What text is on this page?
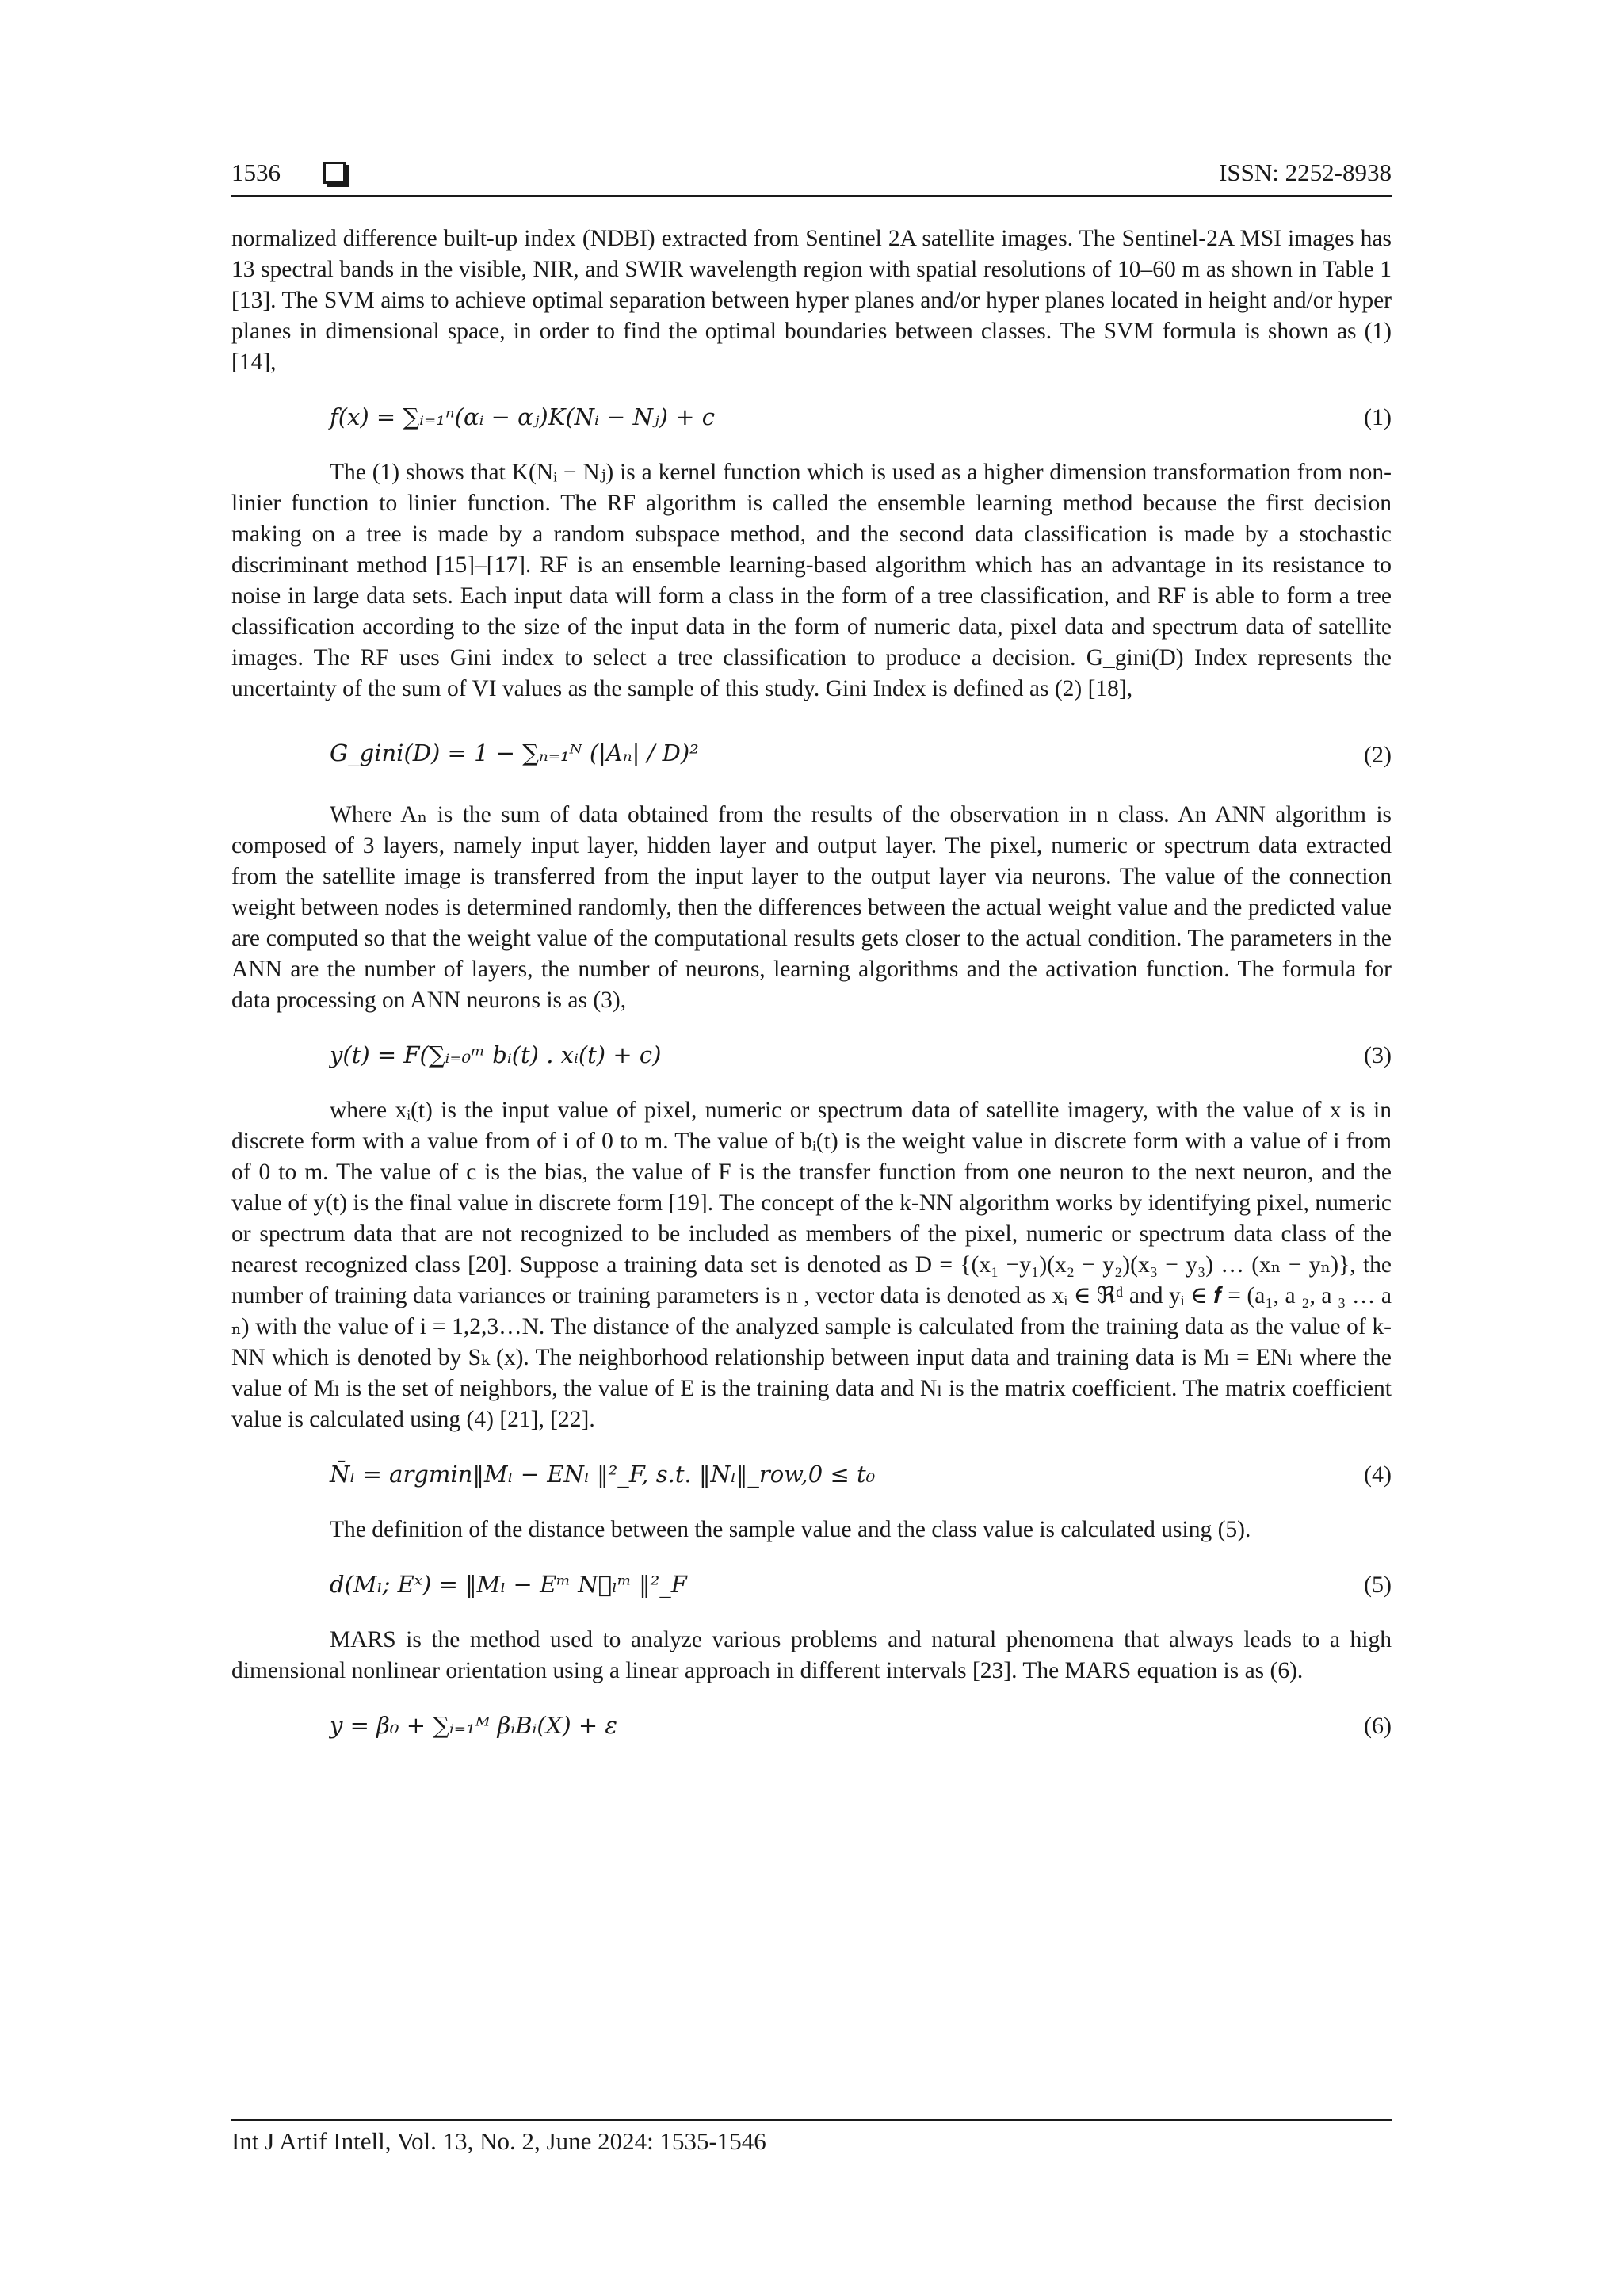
1536	ISSN: 2252-8938

normalized difference built-up index (NDBI) extracted from Sentinel 2A satellite images. The Sentinel-2A MSI images has 13 spectral bands in the visible, NIR, and SWIR wavelength region with spatial resolutions of 10–60 m as shown in Table 1 [13]. The SVM aims to achieve optimal separation between hyper planes and/or hyper planes located in height and/or hyper planes in dimensional space, in order to find the optimal boundaries between classes. The SVM formula is shown as (1) [14],

f(x) = ∑ᵢ₌₁ⁿ(αᵢ − αⱼ)K(Nᵢ − Nⱼ) + c	(1)

The (1) shows that K(Nᵢ − Nⱼ) is a kernel function which is used as a higher dimension transformation from non-linier function to linier function. The RF algorithm is called the ensemble learning method because the first decision making on a tree is made by a random subspace method, and the second data classification is made by a stochastic discriminant method [15]–[17]. RF is an ensemble learning-based algorithm which has an advantage in its resistance to noise in large data sets. Each input data will form a class in the form of a tree classification, and RF is able to form a tree classification according to the size of the input data in the form of numeric data, pixel data and spectrum data of satellite images. The RF uses Gini index to select a tree classification to produce a decision. G_gini(D) Index represents the uncertainty of the sum of VI values as the sample of this study. Gini Index is defined as (2) [18],

G_gini(D) = 1 − ∑ₙ₌₁ᴺ (|Aₙ| / D)²	(2)

Where Aₙ is the sum of data obtained from the results of the observation in n class. An ANN algorithm is composed of 3 layers, namely input layer, hidden layer and output layer. The pixel, numeric or spectrum data extracted from the satellite image is transferred from the input layer to the output layer via neurons. The value of the connection weight between nodes is determined randomly, then the differences between the actual weight value and the predicted value are computed so that the weight value of the computational results gets closer to the actual condition. The parameters in the ANN are the number of layers, the number of neurons, learning algorithms and the activation function. The formula for data processing on ANN neurons is as (3),

y(t) = F(∑ᵢ₌₀ᵐ bᵢ(t) . xᵢ(t) + c)	(3)

where xᵢ(t) is the input value of pixel, numeric or spectrum data of satellite imagery, with the value of x is in discrete form with a value from of i of 0 to m. The value of bᵢ(t) is the weight value in discrete form with a value of i from of 0 to m. The value of c is the bias, the value of F is the transfer function from one neuron to the next neuron, and the value of y(t) is the final value in discrete form [19]. The concept of the k-NN algorithm works by identifying pixel, numeric or spectrum data that are not recognized to be included as members of the pixel, numeric or spectrum data class of the nearest recognized class [20]. Suppose a training data set is denoted as D = {(x₁ −y₁)(x₂ − y₂)(x₃ − y₃) … (xₙ − yₙ)}, the number of training data variances or training parameters is n , vector data is denoted as xᵢ ∈ ℜᵈ and yᵢ ∈ 𝒇 = (a₁, a ₂, a ₃ … a ₙ) with the value of i = 1,2,3…N. The distance of the analyzed sample is calculated from the training data as the value of k-NN which is denoted by Sₖ (x). The neighborhood relationship between input data and training data is Mₗ = ENₗ where the value of Mₗ is the set of neighbors, the value of E is the training data and Nₗ is the matrix coefficient. The matrix coefficient value is calculated using (4) [21], [22].

N̄ₗ = argmin‖Mₗ − ENₗ ‖²_F, s.t. ‖Nₗ‖_row,0 ≤ t₀	(4)

The definition of the distance between the sample value and the class value is calculated using (5).

d(Mₗ; Eˣ) = ‖Mₗ − Eᵐ N⃖ₗᵐ ‖²_F	(5)

MARS is the method used to analyze various problems and natural phenomena that always leads to a high dimensional nonlinear orientation using a linear approach in different intervals [23]. The MARS equation is as (6).

y = β₀ + ∑ᵢ₌₁ᴹ βᵢBᵢ(X) + ε	(6)
Int J Artif Intell, Vol. 13, No. 2, June 2024: 1535-1546
